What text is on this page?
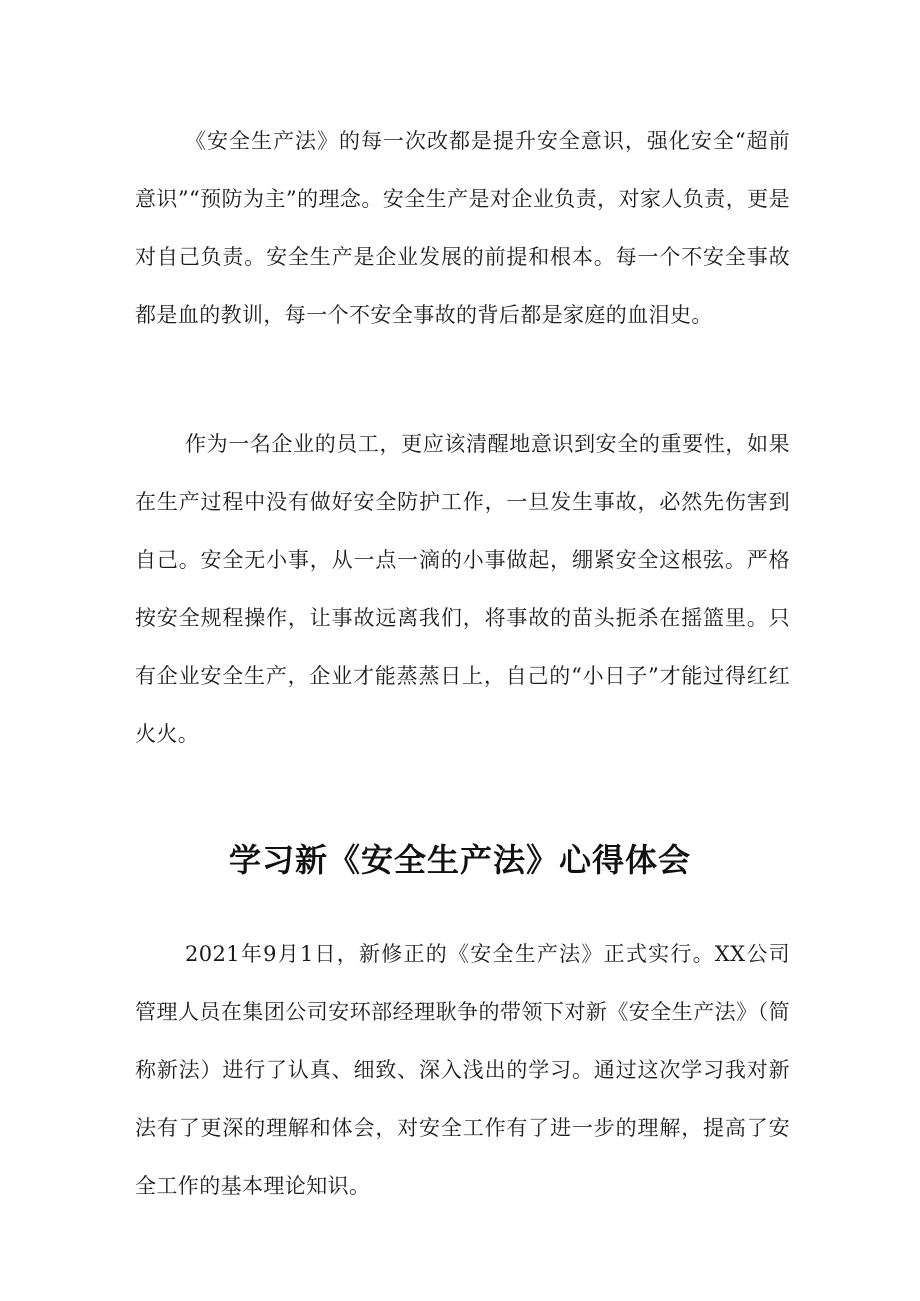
《安全生产法》的每一次改都是提升安全意识，强化安全“超前意识”“预防为主”的理念。安全生产是对企业负责，对家人负责，更是对自己负责。安全生产是企业发展的前提和根本。每一个不安全事故都是血的教训，每一个不安全事故的背后都是家庭的血泪史。

作为一名企业的员工，更应该清醒地意识到安全的重要性，如果在生产过程中没有做好安全防护工作，一旦发生事故，必然先伤害到自己。安全无小事，从一点一滴的小事做起，绷紧安全这根弦。严格按安全规程操作，让事故远离我们，将事故的苗头扼杀在摇篮里。只有企业安全生产，企业才能蒸蒸日上，自己的“小日子”才能过得红红火火。

学习新《安全生产法》心得体会

2021年9月1日，新修正的《安全生产法》正式实行。XX公司管理人员在集团公司安环部经理耿争的带领下对新《安全生产法》（简称新法）进行了认真、细致、深入浅出的学习。通过这次学习我对新法有了更深的理解和体会，对安全工作有了进一步的理解，提高了安全工作的基本理论知识。
